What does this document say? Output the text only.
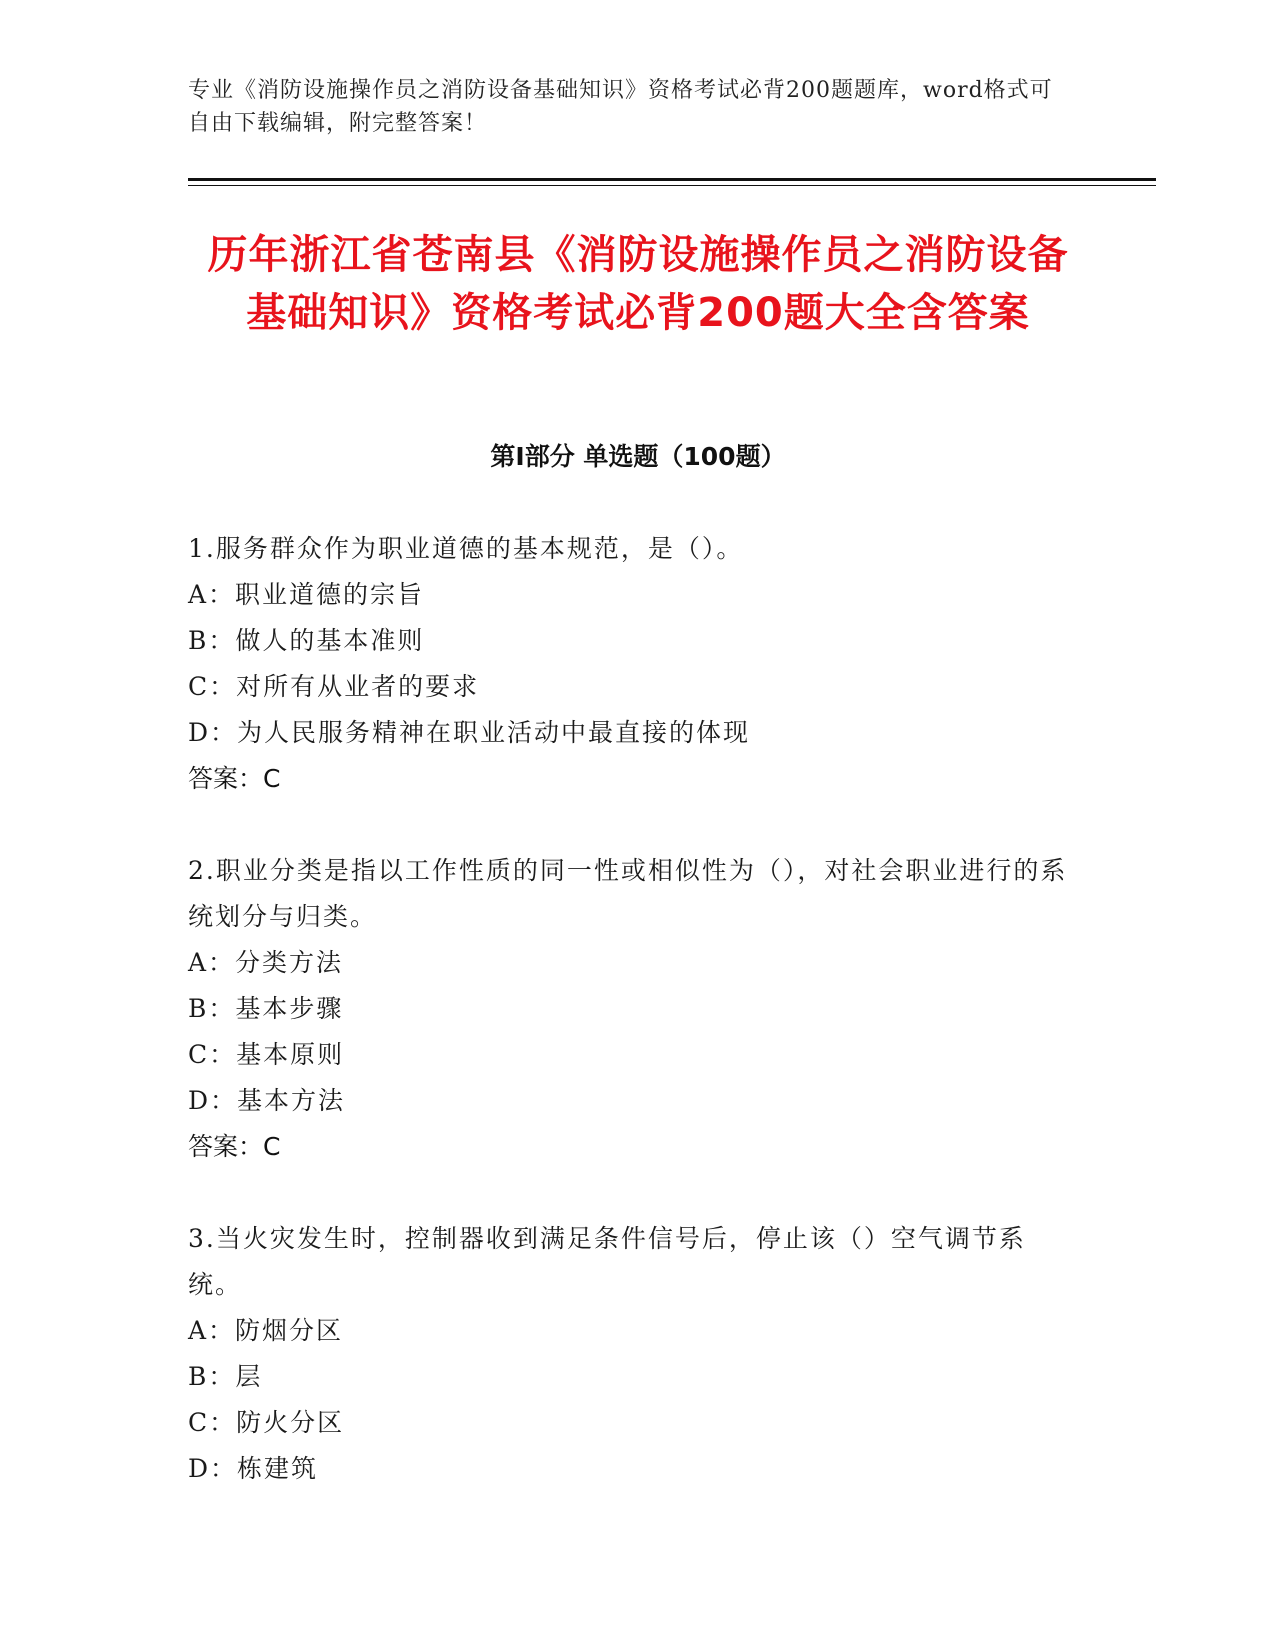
专业《消防设施操作员之消防设备基础知识》资格考试必背200题题库，word格式可自由下载编辑，附完整答案！
历年浙江省苍南县《消防设施操作员之消防设备基础知识》资格考试必背200题大全含答案
第Ⅰ部分 单选题（100题）
1.服务群众作为职业道德的基本规范，是（）。
A：职业道德的宗旨
B：做人的基本准则
C：对所有从业者的要求
D：为人民服务精神在职业活动中最直接的体现
答案：C
2.职业分类是指以工作性质的同一性或相似性为（），对社会职业进行的系统划分与归类。
A：分类方法
B：基本步骤
C：基本原则
D：基本方法
答案：C
3.当火灾发生时，控制器收到满足条件信号后，停止该（）空气调节系统。
A：防烟分区
B：层
C：防火分区
D：栋建筑
